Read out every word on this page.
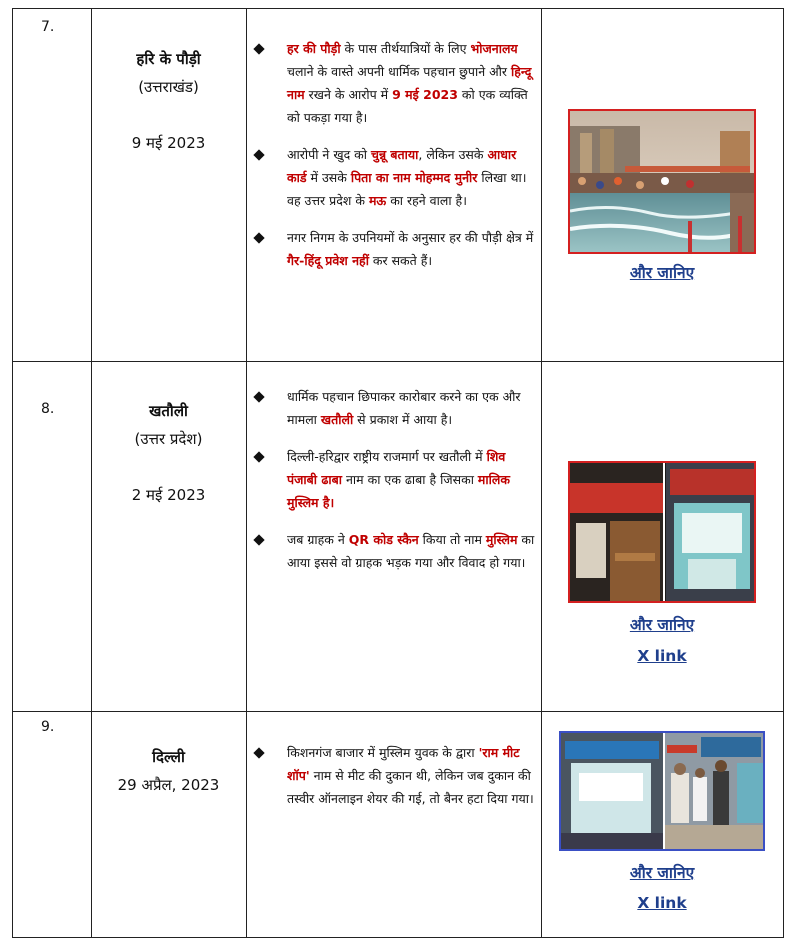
7.
हरि के पौड़ी
(उत्तराखंड)
9 मई 2023
हर की पौड़ी के पास तीर्थयात्रियों के लिए भोजनालय चलाने के वास्ते अपनी धार्मिक पहचान छुपाने और हिन्दू नाम रखने के आरोप में 9 मई 2023 को एक व्यक्ति को पकड़ा गया है।
आरोपी ने खुद को चुन्नू बताया, लेकिन उसके आधार कार्ड में उसके पिता का नाम मोहम्मद मुनीर लिखा था। वह उत्तर प्रदेश के मऊ का रहने वाला है।
नगर निगम के उपनियमों के अनुसार हर की पौड़ी क्षेत्र में गैर-हिंदू प्रवेश नहीं कर सकते हैं।
और जानिए
8.	खतौली
(उत्तर प्रदेश)
2 मई 2023
धार्मिक पहचान छिपाकर कारोबार करने का एक और मामला खतौली से प्रकाश में आया है।
दिल्ली-हरिद्वार राष्ट्रीय राजमार्ग पर खतौली में शिव पंजाबी ढाबा नाम का एक ढाबा है जिसका मालिक मुस्लिम है।
जब ग्राहक ने QR कोड स्कैन किया तो नाम मुस्लिम का आया इससे वो ग्राहक भड़क गया और विवाद हो गया।
और जानिए
X link
9.
दिल्ली
29 अप्रैल, 2023
किशनगंज बाजार में मुस्लिम युवक के द्वारा 'राम मीट शॉप' नाम से मीट की दुकान थी, लेकिन जब दुकान की तस्वीर ऑनलाइन शेयर की गई, तो बैनर हटा दिया गया।
और जानिए
X link
